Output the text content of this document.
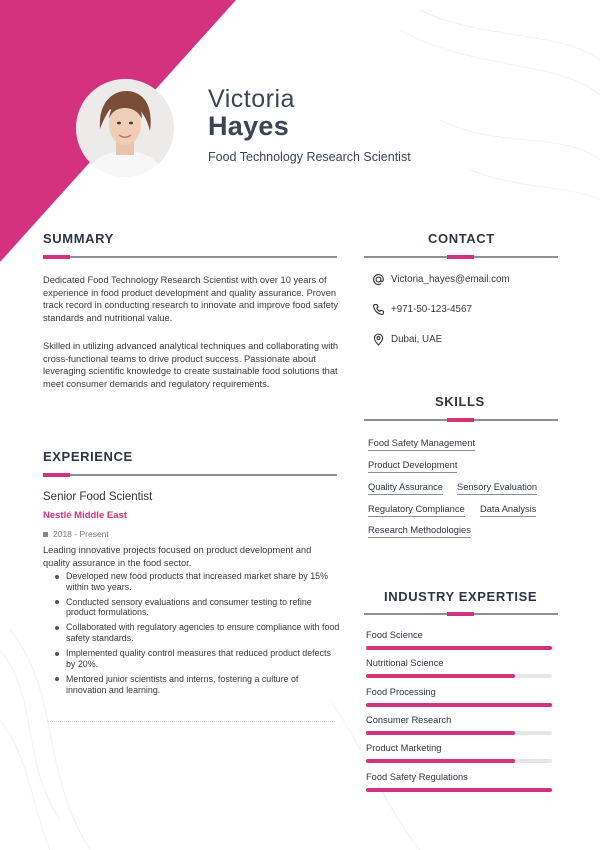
Victoria
Hayes
Food Technology Research Scientist
SUMMARY
Dedicated Food Technology Research Scientist with over 10 years of experience in food product development and quality assurance. Proven track record in conducting research to innovate and improve food safety standards and nutritional value.
Skilled in utilizing advanced analytical techniques and collaborating with cross-functional teams to drive product success. Passionate about leveraging scientific knowledge to create sustainable food solutions that meet consumer demands and regulatory requirements.
EXPERIENCE
Senior Food Scientist
Nestlé Middle East
2018 - Present
Leading innovative projects focused on product development and quality assurance in the food sector.
Developed new food products that increased market share by 15% within two years.
Conducted sensory evaluations and consumer testing to refine product formulations.
Collaborated with regulatory agencies to ensure compliance with food safety standards.
Implemented quality control measures that reduced product defects by 20%.
Mentored junior scientists and interns, fostering a culture of innovation and learning.
CONTACT
Victoria_hayes@email.com
+971-50-123-4567
Dubai, UAE
SKILLS
Food Safety Management
Product Development
Quality Assurance Sensory Evaluation
Regulatory Compliance Data Analysis
Research Methodologies
INDUSTRY EXPERTISE
Food Science
Nutritional Science
Food Processing
Consumer Research
Product Marketing
Food Safety Regulations
